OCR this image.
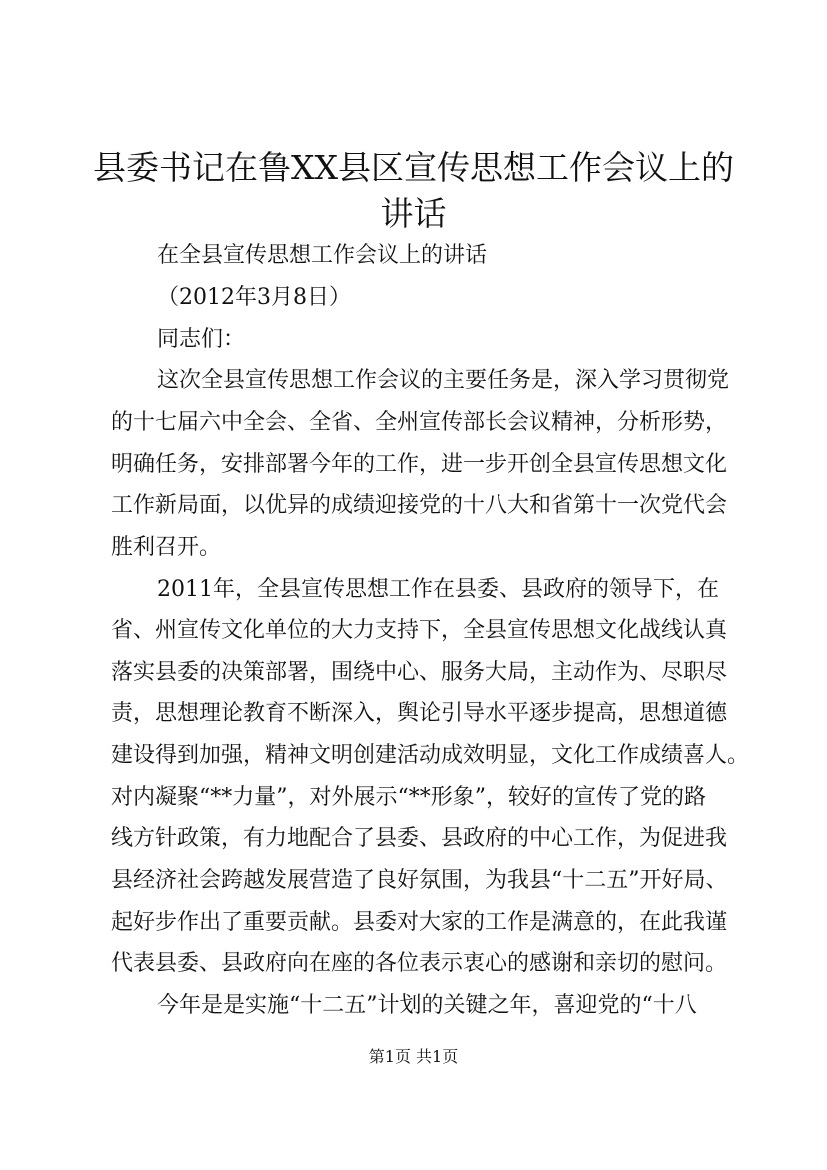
县委书记在鲁XX县区宣传思想工作会议上的
讲话

在全县宣传思想工作会议上的讲话

（2012年3月8日）

同志们：

这次全县宣传思想工作会议的主要任务是，深入学习贯彻党

的十七届六中全会、全省、全州宣传部长会议精神，分析形势，

明确任务，安排部署今年的工作，进一步开创全县宣传思想文化

工作新局面，以优异的成绩迎接党的十八大和省第十一次党代会

胜利召开。

2011年，全县宣传思想工作在县委、县政府的领导下，在

省、州宣传文化单位的大力支持下，全县宣传思想文化战线认真

落实县委的决策部署，围绕中心、服务大局，主动作为、尽职尽

责，思想理论教育不断深入，舆论引导水平逐步提高，思想道德

建设得到加强，精神文明创建活动成效明显，文化工作成绩喜人。

对内凝聚“**力量”，对外展示“**形象”，较好的宣传了党的路

线方针政策，有力地配合了县委、县政府的中心工作，为促进我

县经济社会跨越发展营造了良好氛围，为我县“十二五”开好局、

起好步作出了重要贡献。县委对大家的工作是满意的，在此我谨

代表县委、县政府向在座的各位表示衷心的感谢和亲切的慰问。

今年是是实施“十二五”计划的关键之年，喜迎党的“十八

第1页 共1页
